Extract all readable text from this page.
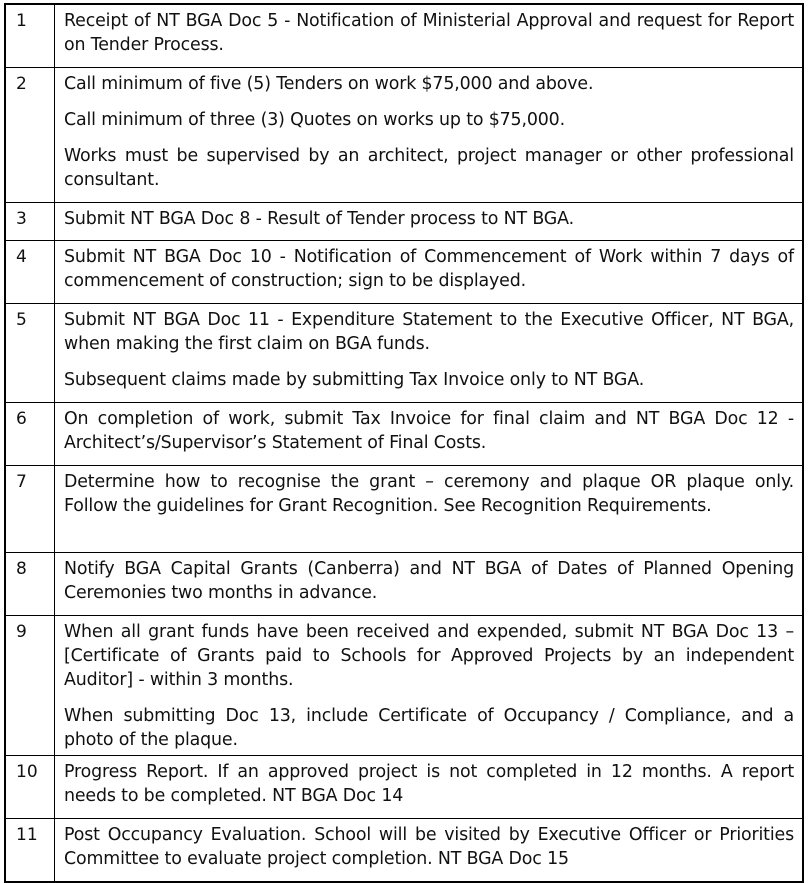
1	Receipt of NT BGA Doc 5 - Notification of Ministerial Approval and request for Report on Tender Process.

2	Call minimum of five (5) Tenders on work $75,000 and above.

Call minimum of three (3) Quotes on works up to $75,000.

Works must be supervised by an architect, project manager or other professional consultant.

3	Submit NT BGA Doc 8 - Result of Tender process to NT BGA.

4	Submit NT BGA Doc 10 - Notification of Commencement of Work within 7 days of commencement of construction; sign to be displayed.

5	Submit NT BGA Doc 11 - Expenditure Statement to the Executive Officer, NT BGA, when making the first claim on BGA funds.

Subsequent claims made by submitting Tax Invoice only to NT BGA.

6	On completion of work, submit Tax Invoice for final claim and NT BGA Doc 12 - Architect’s/Supervisor’s Statement of Final Costs.

7	Determine how to recognise the grant – ceremony and plaque OR plaque only. Follow the guidelines for Grant Recognition. See Recognition Requirements.

8	Notify BGA Capital Grants (Canberra) and NT BGA of Dates of Planned Opening Ceremonies two months in advance.

9	When all grant funds have been received and expended, submit NT BGA Doc 13 – [Certificate of Grants paid to Schools for Approved Projects by an independent Auditor] - within 3 months.

When submitting Doc 13, include Certificate of Occupancy / Compliance, and a photo of the plaque.

10	Progress Report. If an approved project is not completed in 12 months. A report needs to be completed. NT BGA Doc 14

11	Post Occupancy Evaluation. School will be visited by Executive Officer or Priorities Committee to evaluate project completion. NT BGA Doc 15
